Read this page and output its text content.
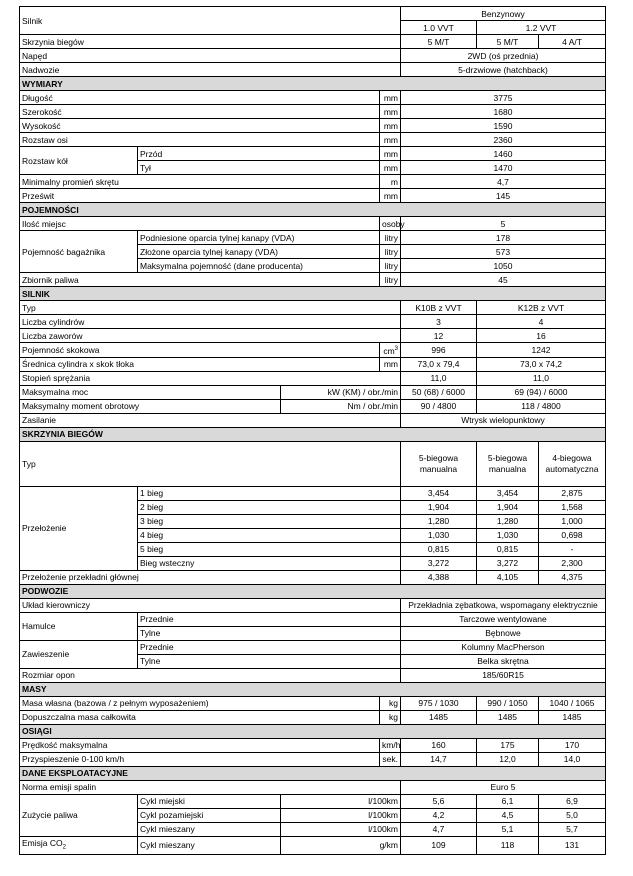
Silnik				Benzynowy		
				1.0 VVT	1.2 VVT	
Skrzynia biegów				5 M/T	5 M/T	4 A/T
Napęd				2WD (oś przednia)		
Nadwozie				5-drzwiowe (hatchback)		
WYMIARY						
Długość			mm	3775		
Szerokość			mm	1680		
Wysokość			mm	1590		
Rozstaw osi			mm	2360		
Rozstaw kół	Przód		mm	1460		
	Tył		mm	1470		
Minimalny promień skrętu			m	4,7		
Prześwit			mm	145		
POJEMNOŚCI						
Ilość miejsc			osoby	5		
Pojemność bagażnika	Podniesione oparcia tylnej kanapy (VDA)		litry	178		
	Złożone oparcia tylnej kanapy (VDA)		litry	573		
	Maksymalna pojemność (dane producenta)		litry	1050		
Zbiornik paliwa			litry	45		
SILNIK						
Typ				K10B z VVT	K12B z VVT	
Liczba cylindrów				3	4	
Liczba zaworów				12	16	
Pojemność skokowa			$cm^3$	996	1242	
Średnica cylindra x skok tłoka			mm	73,0 x 79,4	73,0 x 74,2	
Stopień sprężania				11,0	11,0	
Maksymalna moc		kW (KM) / obr./min		50 (68) / 6000	69 (94) / 6000	
Maksymalny moment obrotowy		Nm / obr./min		90 / 4800	118 / 4800	
Zasilanie				Wtrysk wielopunktowy		
SKRZYNIA BIEGÓW						
Typ				5-biegowa manualna	5-biegowa manualna	4-biegowa automatyczna
Przełożenie	1 bieg			3,454	3,454	2,875
	2 bieg			1,904	1,904	1,568
	3 bieg			1,280	1,280	1,000
	4 bieg			1,030	1,030	0,698
	5 bieg			0,815	0,815	-
	Bieg wsteczny			3,272	3,272	2,300
Przełożenie przekładni głównej				4,388	4,105	4,375
PODWOZIE						
Układ kierowniczy				Przekładnia zębatkowa, wspomagany elektrycznie		
Hamulce	Przednie			Tarczowe wentylowane		
	Tylne			Bębnowe		
Zawieszenie	Przednie			Kolumny MacPherson		
	Tylne			Belka skrętna		
Rozmiar opon				185/60R15		
MASY						
Masa własna (bazowa / z pełnym wyposażeniem)			kg	975 / 1030	990 / 1050	1040 / 1065
Dopuszczalna masa całkowita			kg	1485	1485	1485
OSIĄGI						
Prędkość maksymalna			km/h	160	175	170
Przyspieszenie 0-100 km/h			sek.	14,7	12,0	14,0
DANE EKSPLOATACYJNE						
Norma emisji spalin				Euro 5		
Zużycie paliwa	Cykl miejski	l/100km		5,6	6,1	6,9
	Cykl pozamiejski	l/100km		4,2	4,5	5,0
	Cykl mieszany	l/100km		4,7	5,1	5,7
Emisja $CO_2$	Cykl mieszany	g/km		109	118	131
